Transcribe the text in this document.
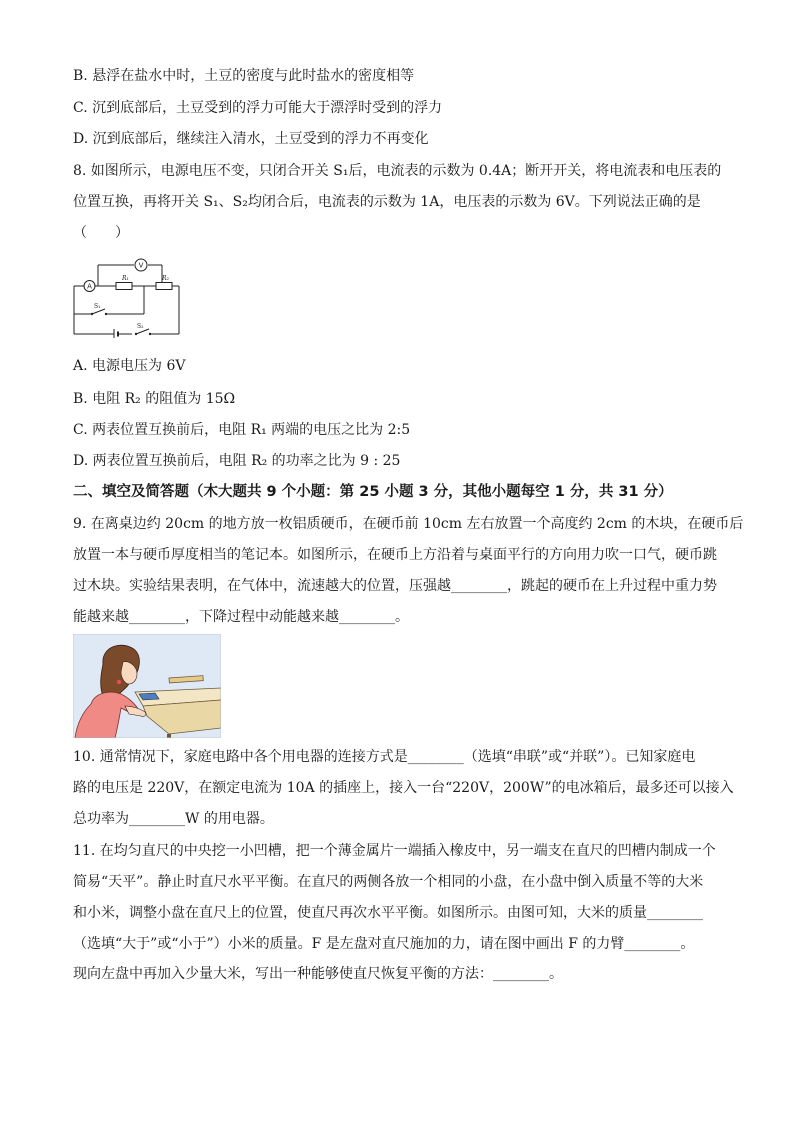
B. 悬浮在盐水中时，土豆的密度与此时盐水的密度相等
C. 沉到底部后，土豆受到的浮力可能大于漂浮时受到的浮力
D. 沉到底部后，继续注入清水，土豆受到的浮力不再变化
8. 如图所示，电源电压不变，只闭合开关 S₁后，电流表的示数为 0.4A；断开开关，将电流表和电压表的
位置互换，再将开关 S₁、S₂均闭合后，电流表的示数为 1A，电压表的示数为 6V。下列说法正确的是
（　　）
A
V
R₁	R₂
S₁
S₂
A. 电源电压为 6V
B. 电阻 R₂ 的阻值为 15Ω
C. 两表位置互换前后，电阻 R₁ 两端的电压之比为 2:5
D. 两表位置互换前后，电阻 R₂ 的功率之比为 9 : 25
二、填空及简答题（木大题共 9 个小题：第 25 小题 3 分，其他小题每空 1 分，共 31 分）
9. 在离桌边约 20cm 的地方放一枚铝质硬币，在硬币前 10cm 左右放置一个高度约 2cm 的木块，在硬币后
放置一本与硬币厚度相当的笔记本。如图所示，在硬币上方沿着与桌面平行的方向用力吹一口气，硬币跳
过木块。实验结果表明，在气体中，流速越大的位置，压强越________，跳起的硬币在上升过程中重力势
能越来越________，下降过程中动能越来越________。
10. 通常情况下，家庭电路中各个用电器的连接方式是________（选填“串联”或“并联”）。已知家庭电
路的电压是 220V，在额定电流为 10A 的插座上，接入一台“220V，200W”的电冰箱后，最多还可以接入
总功率为________W 的用电器。
11. 在均匀直尺的中央挖一小凹槽，把一个薄金属片一端插入橡皮中，另一端支在直尺的凹槽内制成一个
简易“天平”。静止时直尺水平平衡。在直尺的两侧各放一个相同的小盘，在小盘中倒入质量不等的大米
和小米，调整小盘在直尺上的位置，使直尺再次水平平衡。如图所示。由图可知，大米的质量________
（选填“大于”或“小于”）小米的质量。F 是左盘对直尺施加的力，请在图中画出 F 的力臂________。
现向左盘中再加入少量大米，写出一种能够使直尺恢复平衡的方法：________。
